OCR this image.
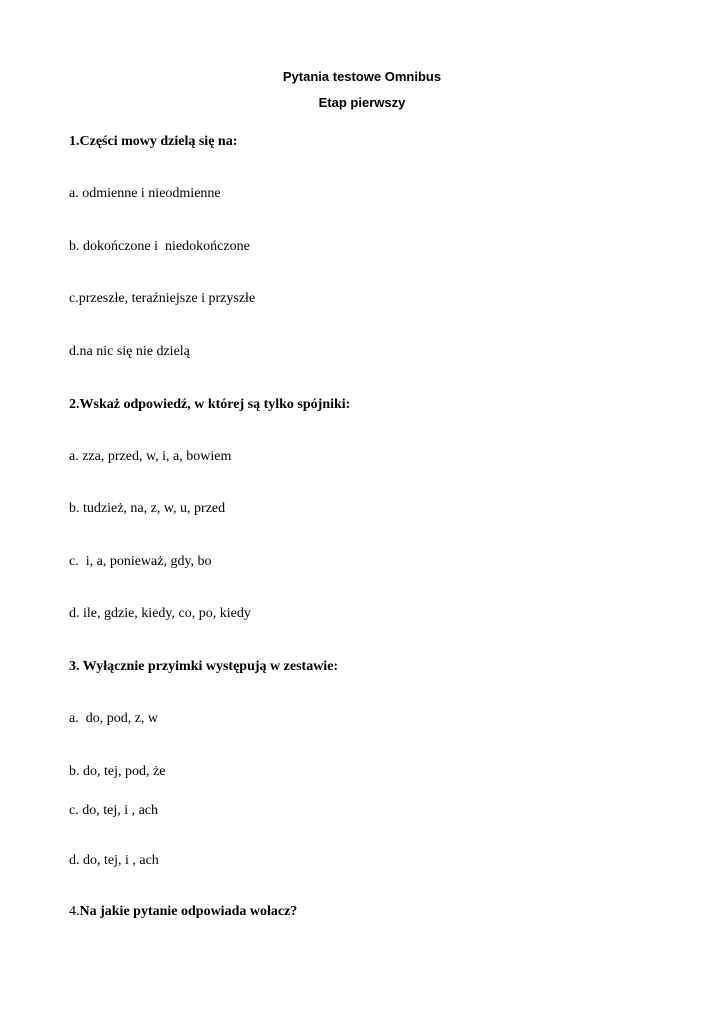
Pytania testowe Omnibus
Etap pierwszy
1.Części mowy dzielą się na:
a. odmienne i nieodmienne
b. dokończone i  niedokończone
c.przeszłe, teraźniejsze i przyszłe
d.na nic się nie dzielą
2.Wskaż odpowiedź, w której są tylko spójniki:
a. zza, przed, w, i, a, bowiem
b. tudzież, na, z, w, u, przed
c.  i, a, ponieważ, gdy, bo
d. ile, gdzie, kiedy, co, po, kiedy
3. Wyłącznie przyimki występują w zestawie:
a.  do, pod, z, w
b. do, tej, pod, że
c. do, tej, i , ach
d. do, tej, i , ach
4.Na jakie pytanie odpowiada wołacz?
